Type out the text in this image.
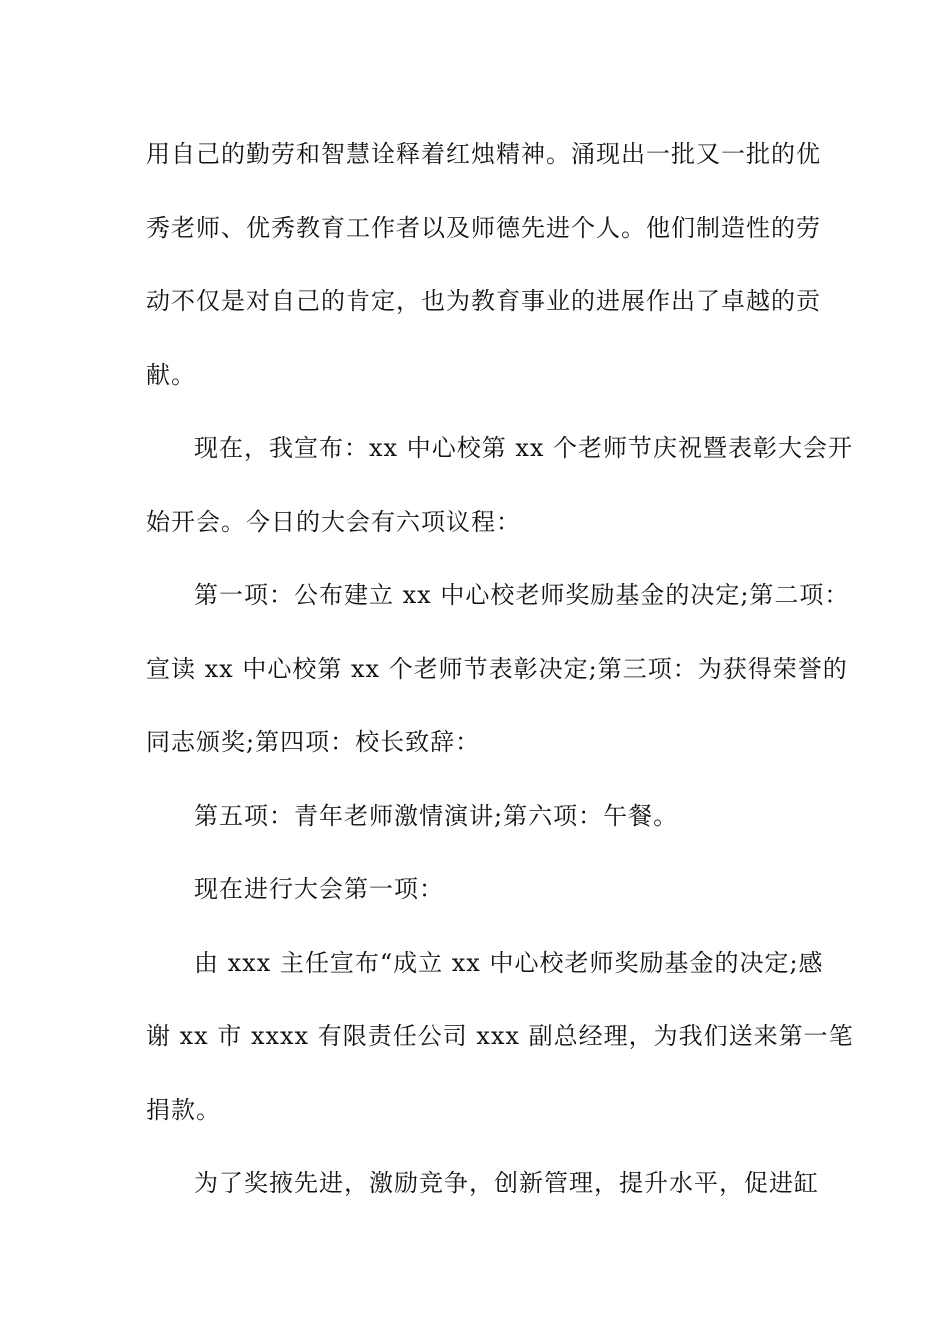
用自己的勤劳和智慧诠释着红烛精神。涌现出一批又一批的优
秀老师、优秀教育工作者以及师德先进个人。他们制造性的劳
动不仅是对自己的肯定，也为教育事业的进展作出了卓越的贡
献。
现在，我宣布：xx 中心校第 xx 个老师节庆祝暨表彰大会开
始开会。今日的大会有六项议程：
第一项：公布建立 xx 中心校老师奖励基金的决定;第二项：
宣读 xx 中心校第 xx 个老师节表彰决定;第三项：为获得荣誉的
同志颁奖;第四项：校长致辞：
第五项：青年老师激情演讲;第六项：午餐。
现在进行大会第一项：
由 xxx 主任宣布“成立 xx 中心校老师奖励基金的决定;感
谢 xx 市 xxxx 有限责任公司 xxx 副总经理，为我们送来第一笔
捐款。
为了奖掖先进，激励竞争，创新管理，提升水平，促进缸
